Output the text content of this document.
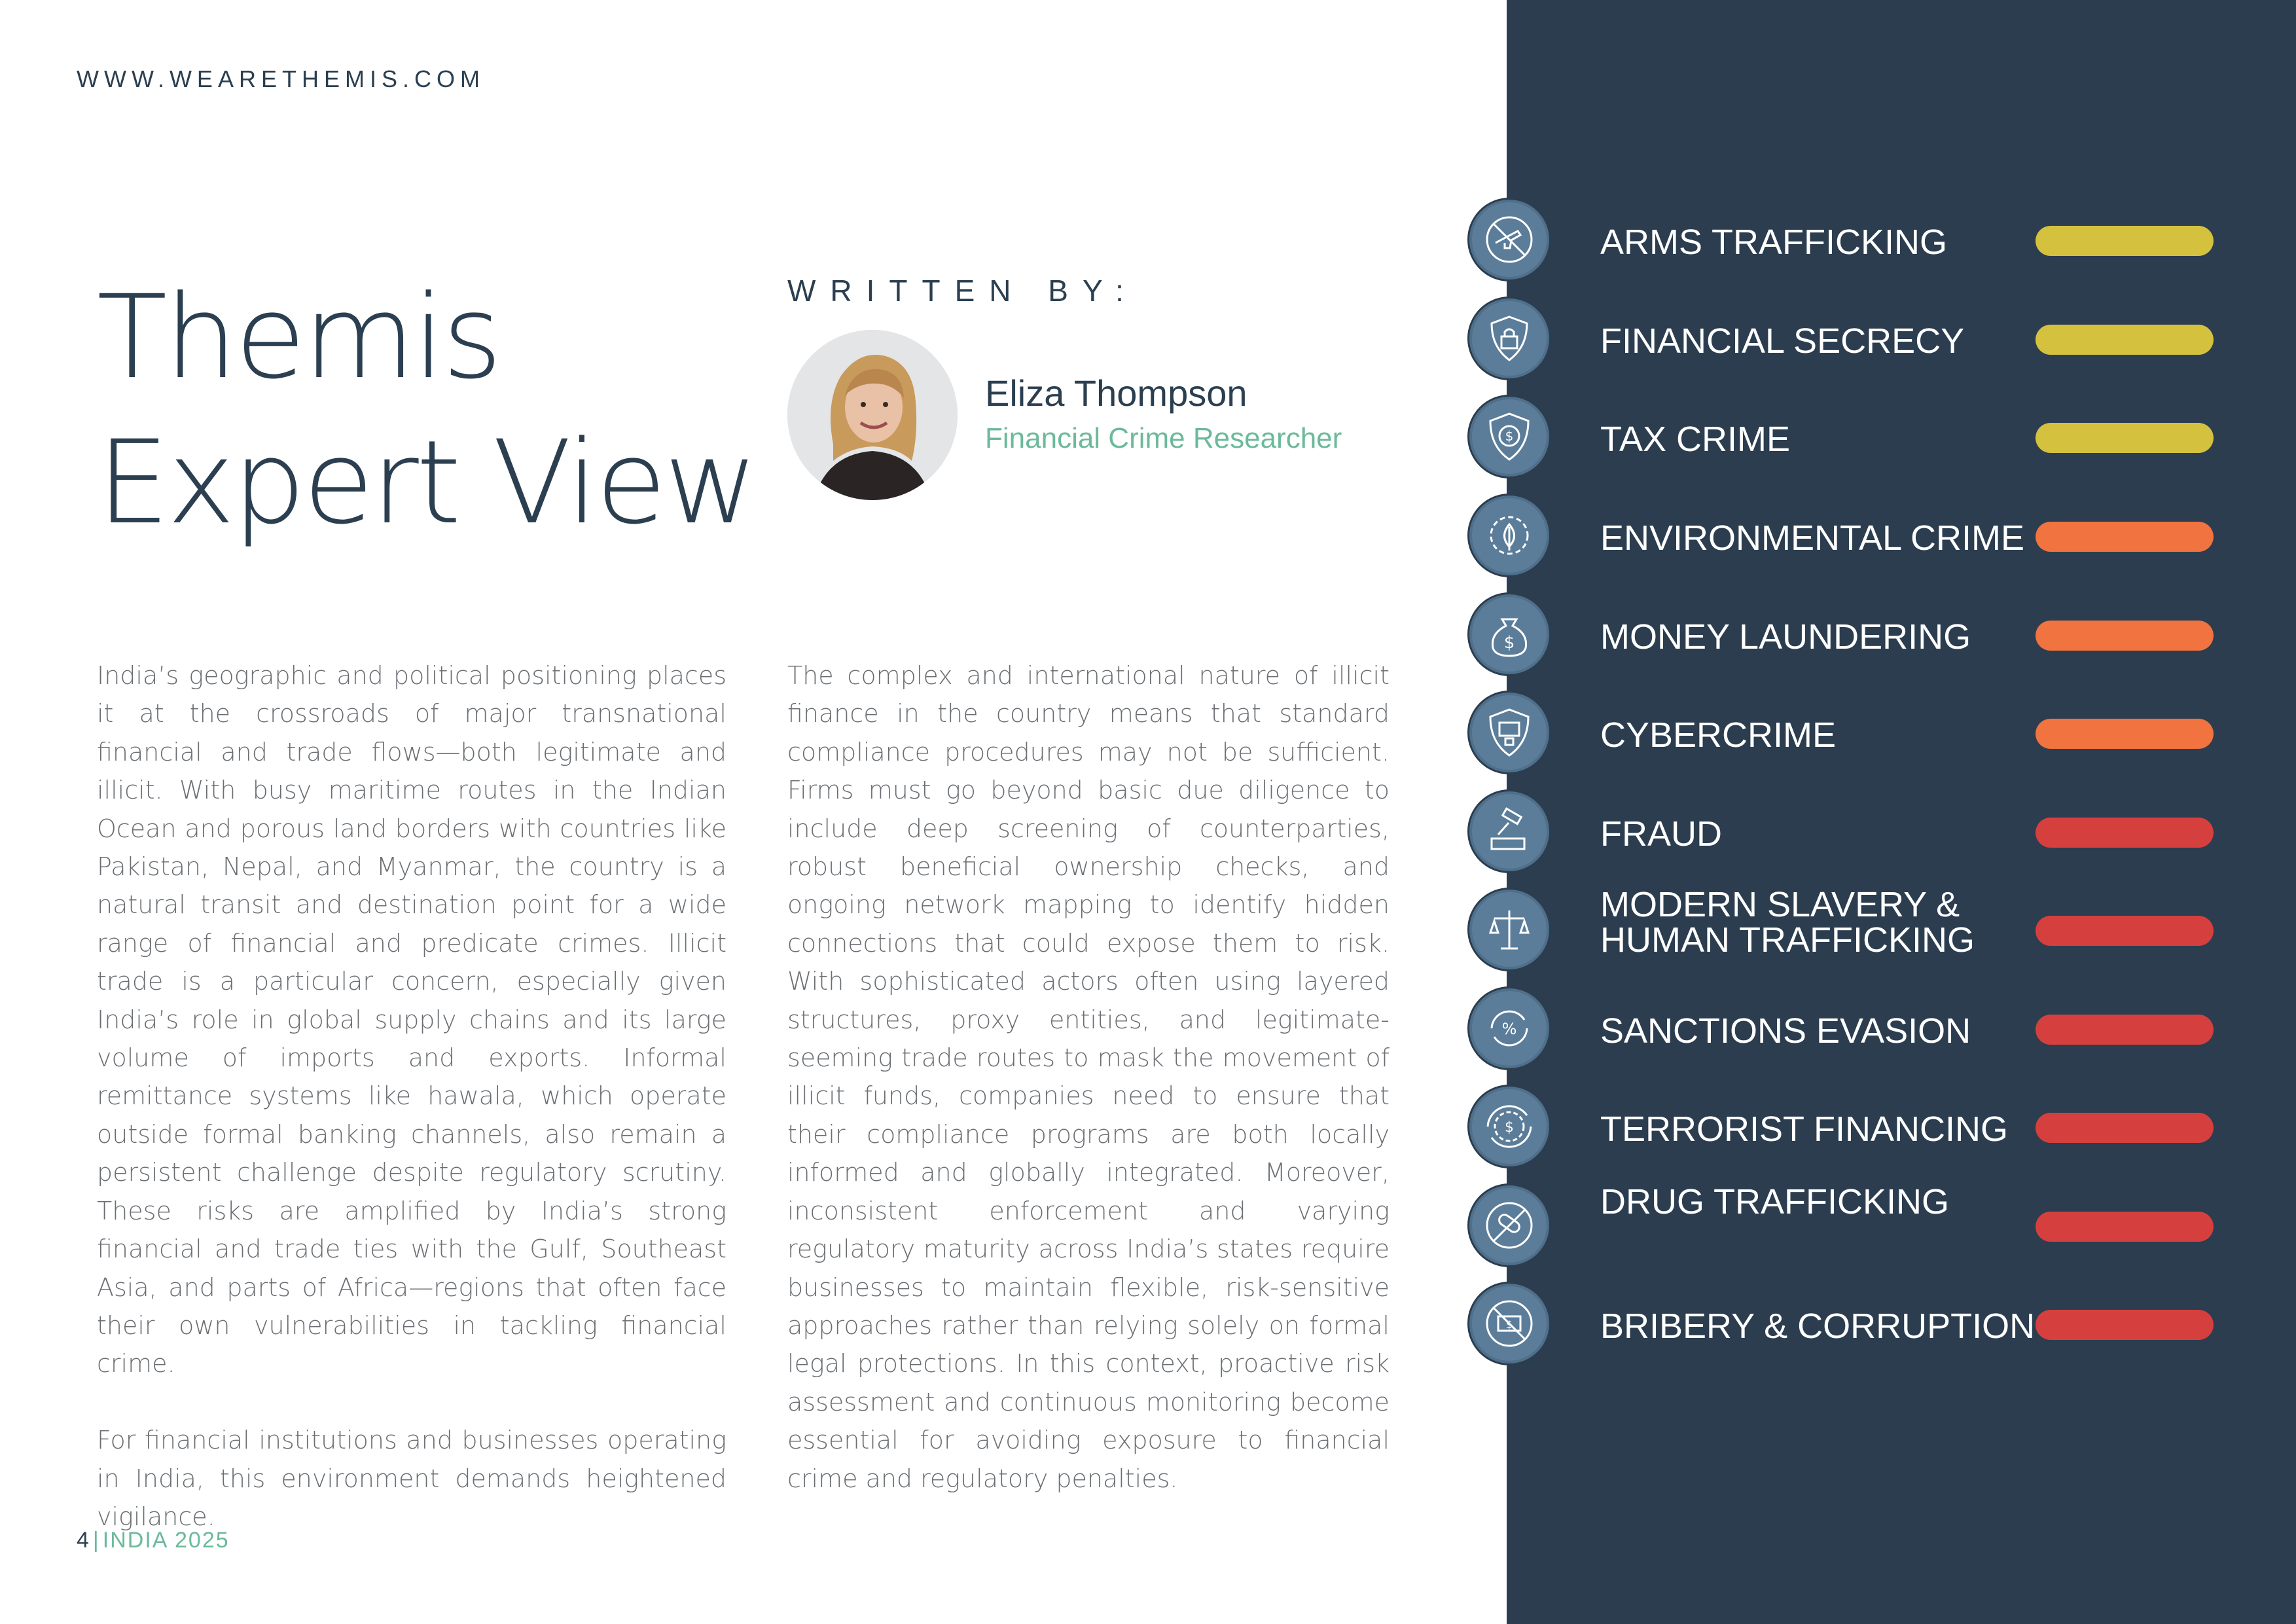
WWW.WEARETHEMIS.COM
Themis
Expert View
WRITTEN BY:
Eliza Thompson
Financial Crime Researcher

India’s geographic and political positioning places it at the crossroads of major transnational financial and trade flows—both legitimate and illicit. With busy maritime routes in the Indian Ocean and porous land borders with countries like Pakistan, Nepal, and Myanmar, the country is a natural transit and destination point for a wide range of financial and predicate crimes. Illicit trade is a particular concern, especially given India’s role in global supply chains and its large volume of imports and exports. Informal remittance systems like hawala, which operate outside formal banking channels, also remain a persistent challenge despite regulatory scrutiny. These risks are amplified by India’s strong financial and trade ties with the Gulf, Southeast Asia, and parts of Africa—regions that often face their own vulnerabilities in tackling financial crime.

For financial institutions and businesses operating in India, this environment demands heightened vigilance.

The complex and international nature of illicit finance in the country means that standard compliance procedures may not be sufficient. Firms must go beyond basic due diligence to include deep screening of counterparties, robust beneficial ownership checks, and ongoing network mapping to identify hidden connections that could expose them to risk. With sophisticated actors often using layered structures, proxy entities, and legitimate-seeming trade routes to mask the movement of illicit funds, companies need to ensure that their compliance programs are both locally informed and globally integrated. Moreover, inconsistent enforcement and varying regulatory maturity across India’s states require businesses to maintain flexible, risk-sensitive approaches rather than relying solely on formal legal protections. In this context, proactive risk assessment and continuous monitoring become essential for avoiding exposure to financial crime and regulatory penalties.

4 | INDIA 2025
ARMS TRAFFICKING
FINANCIAL SECRECY
$ TAX CRIME
ENVIRONMENTAL CRIME
$ MONEY LAUNDERING
CYBERCRIME
FRAUD
MODERN SLAVERY &
HUMAN TRAFFICKING
% SANCTIONS EVASION
$ TERRORIST FINANCING
DRUG TRAFFICKING
$ BRIBERY & CORRUPTION
